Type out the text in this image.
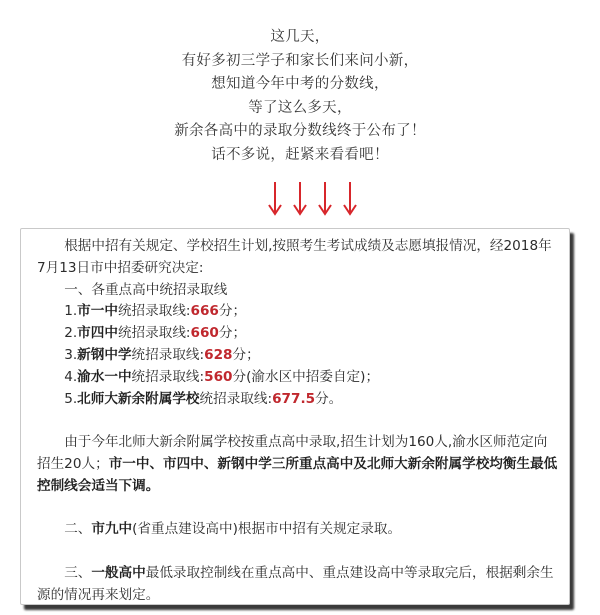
这几天，
有好多初三学子和家长们来问小新，
想知道今年中考的分数线，
等了这么多天，
新余各高中的录取分数线终于公布了！
话不多说，赶紧来看看吧！

根据中招有关规定、学校招生计划,按照考生考试成绩及志愿填报情况，经2018年7月13日市中招委研究决定:

一、各重点高中统招录取线

1.市一中统招录取线:666分；

2.市四中统招录取线:660分；

3.新钢中学统招录取线:628分；

4.渝水一中统招录取线:560分(渝水区中招委自定)；

5.北师大新余附属学校统招录取线:677.5分。

由于今年北师大新余附属学校按重点高中录取,招生计划为160人,渝水区师范定向招生20人；市一中、市四中、新钢中学三所重点高中及北师大新余附属学校均衡生最低控制线会适当下调。

二、市九中(省重点建设高中)根据市中招有关规定录取。

三、一般高中最低录取控制线在重点高中、重点建设高中等录取完后，根据剩余生源的情况再来划定。
